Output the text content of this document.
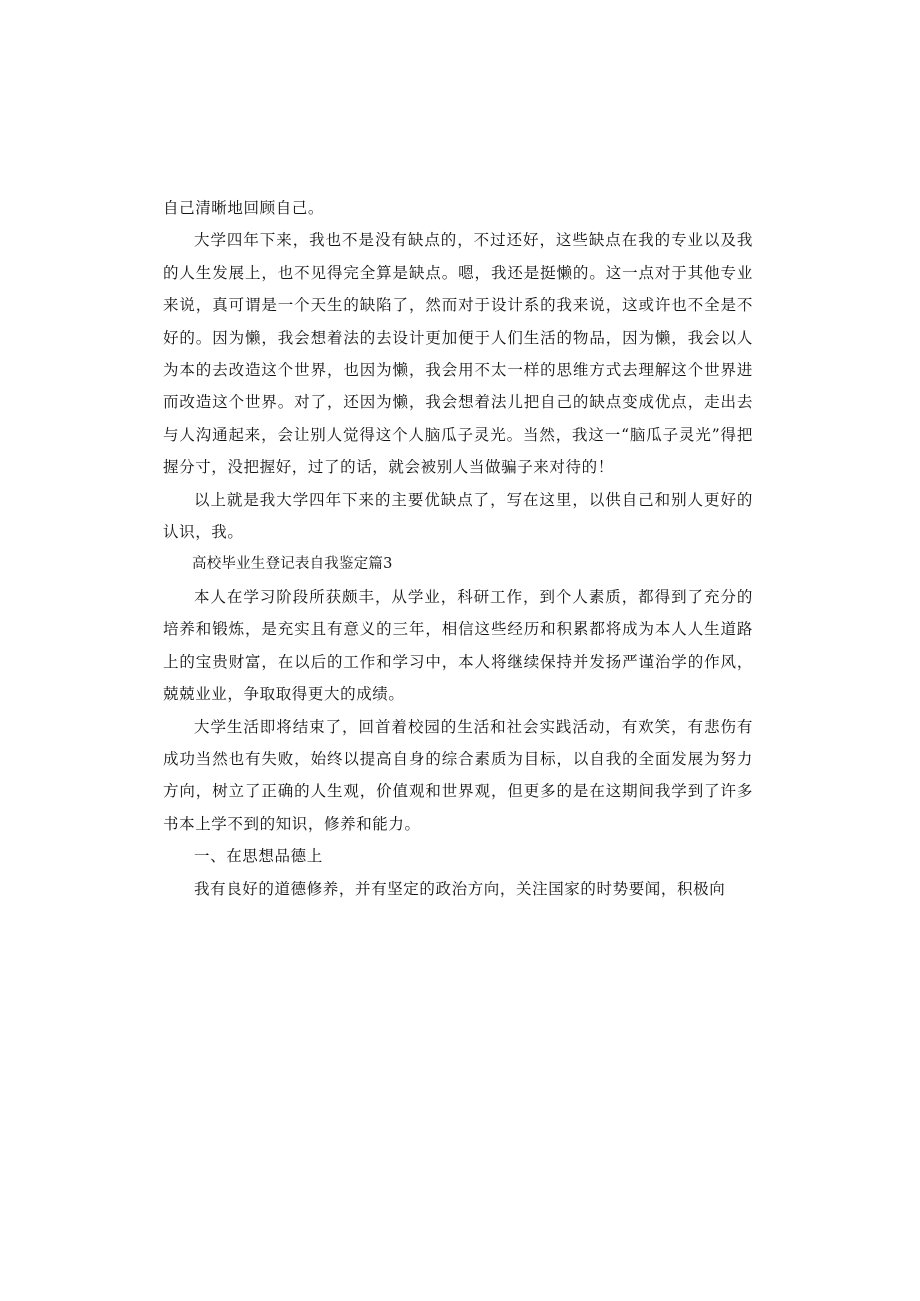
自己清晰地回顾自己。

大学四年下来，我也不是没有缺点的，不过还好，这些缺点在我的专业以及我的人生发展上，也不见得完全算是缺点。嗯，我还是挺懒的。这一点对于其他专业来说，真可谓是一个天生的缺陷了，然而对于设计系的我来说，这或许也不全是不好的。因为懒，我会想着法的去设计更加便于人们生活的物品，因为懒，我会以人为本的去改造这个世界，也因为懒，我会用不太一样的思维方式去理解这个世界进而改造这个世界。对了，还因为懒，我会想着法儿把自己的缺点变成优点，走出去与人沟通起来，会让别人觉得这个人脑瓜子灵光。当然，我这一“脑瓜子灵光”得把握分寸，没把握好，过了的话，就会被别人当做骗子来对待的！

以上就是我大学四年下来的主要优缺点了，写在这里，以供自己和别人更好的认识，我。

高校毕业生登记表自我鉴定篇3

本人在学习阶段所获颇丰，从学业，科研工作，到个人素质，都得到了充分的培养和锻炼，是充实且有意义的三年，相信这些经历和积累都将成为本人人生道路上的宝贵财富，在以后的工作和学习中，本人将继续保持并发扬严谨治学的作风，兢兢业业，争取取得更大的成绩。

大学生活即将结束了，回首着校园的生活和社会实践活动，有欢笑，有悲伤有成功当然也有失败，始终以提高自身的综合素质为目标，以自我的全面发展为努力方向，树立了正确的人生观，价值观和世界观，但更多的是在这期间我学到了许多书本上学不到的知识，修养和能力。

一、在思想品德上

我有良好的道德修养，并有坚定的政治方向，关注国家的时势要闻，积极向
